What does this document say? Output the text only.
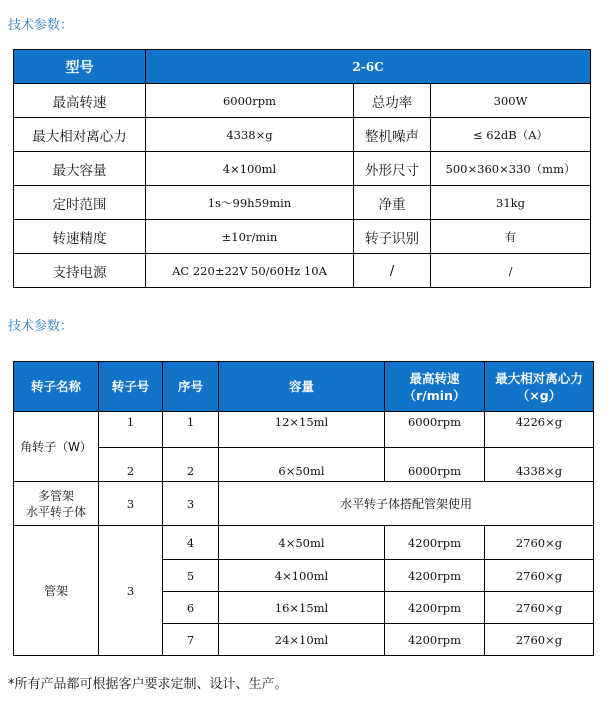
技术参数：
型号	2-6C		
最高转速	6000rpm	总功率	300W
最大相对离心力	4338×g	整机噪声	≤ 62dB（A）
最大容量	4×100ml	外形尺寸	500×360×330（mm）
定时范围	1s～99h59min	净重	31kg
转速精度	±10r/min	转子识别	有
支持电源	AC 220±22V 50/60Hz 10A	/	/
技术参数：
转子名称	转子号	序号	容量	最高转速（r/min）	最大相对离心力（×g）
角转子（W）	1	1	12×15ml	6000rpm	4226×g
	2	2	6×50ml	6000rpm	4338×g

多管架
水平转子体	3	3	水平转子体搭配管架使用		
管架	3	4	4×50ml	4200rpm	2760×g
		5	4×100ml	4200rpm	2760×g
		6	16×15ml	4200rpm	2760×g
		7	24×10ml	4200rpm	2760×g
*所有产品都可根据客户要求定制、设计、生产。
